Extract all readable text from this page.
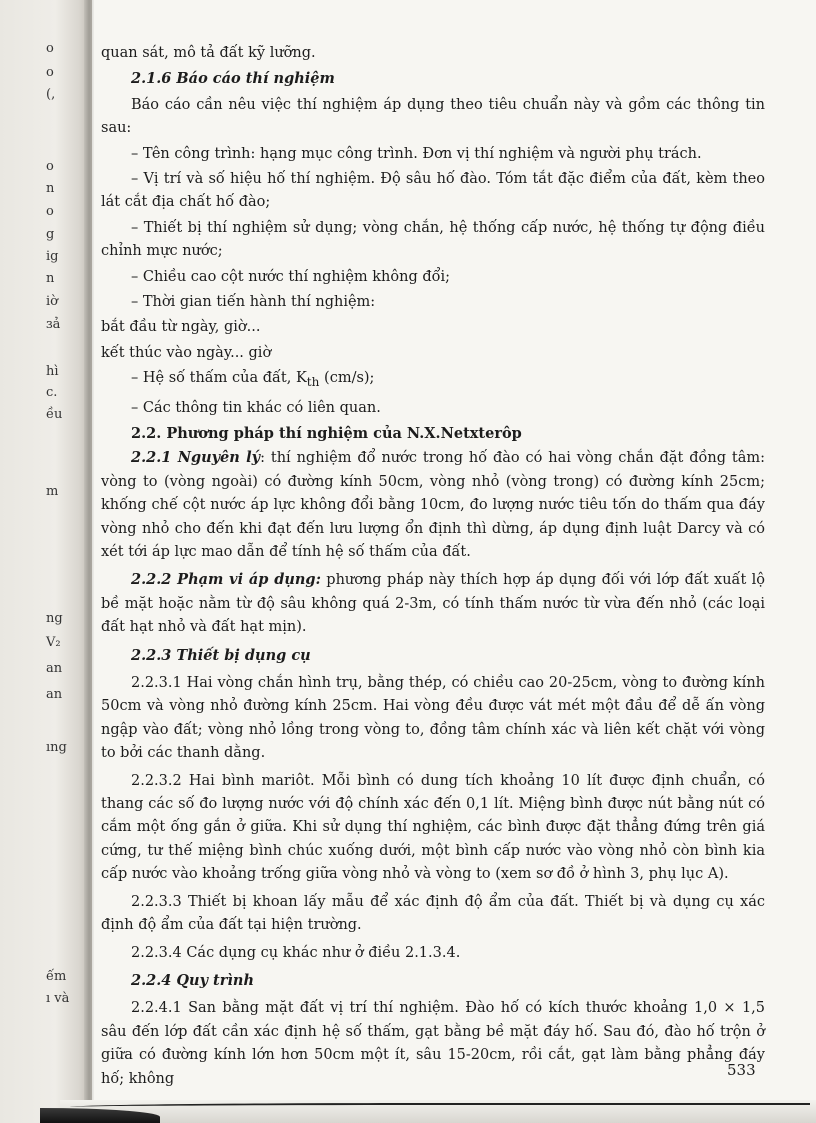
o
o
(,
o
n
o
g
ig
n
iờ
ɜả
hì
c.
ều
m
ng
V₂
an
an
ıng
ếm
ı và

quan sát, mô tả đất kỹ lưỡng.

2.1.6 Báo cáo thí nghiệm

Báo cáo cần nêu việc thí nghiệm áp dụng theo tiêu chuẩn này và gồm các thông tin sau:

– Tên công trình: hạng mục công trình. Đơn vị thí nghiệm và người phụ trách.

– Vị trí và số hiệu hố thí nghiệm. Độ sâu hố đào. Tóm tắt đặc điểm của đất, kèm theo lát cắt địa chất hố đào;

– Thiết bị thí nghiệm sử dụng; vòng chắn, hệ thống cấp nước, hệ thống tự động điều chỉnh mực nước;

– Chiều cao cột nước thí nghiệm không đổi;

– Thời gian tiến hành thí nghiệm:

bắt đầu từ ngày, giờ...

kết thúc vào ngày... giờ

– Hệ số thấm của đất, $K_{th}$ (cm/s);

– Các thông tin khác có liên quan.

2.2. Phương pháp thí nghiệm của N.X.Netxterôp

2.2.1 Nguyên lý: thí nghiệm đổ nước trong hố đào có hai vòng chắn đặt đồng tâm: vòng to (vòng ngoài) có đường kính 50cm, vòng nhỏ (vòng trong) có đường kính 25cm; khống chế cột nước áp lực không đổi bằng 10cm, đo lượng nước tiêu tốn do thấm qua đáy vòng nhỏ cho đến khi đạt đến lưu lượng ổn định thì dừng, áp dụng định luật Darcy và có xét tới áp lực mao dẫn để tính hệ số thấm của đất.

2.2.2 Phạm vi áp dụng: phương pháp này thích hợp áp dụng đối với lớp đất xuất lộ bề mặt hoặc nằm từ độ sâu không quá 2-3m, có tính thấm nước từ vừa đến nhỏ (các loại đất hạt nhỏ và đất hạt mịn).

2.2.3 Thiết bị dụng cụ

2.2.3.1 Hai vòng chắn hình trụ, bằng thép, có chiều cao 20-25cm, vòng to đường kính 50cm và vòng nhỏ đường kính 25cm. Hai vòng đều được vát mét một đầu để dễ ấn vòng ngập vào đất; vòng nhỏ lồng trong vòng to, đồng tâm chính xác và liên kết chặt với vòng to bởi các thanh dằng.

2.2.3.2 Hai bình mariôt. Mỗi bình có dung tích khoảng 10 lít được định chuẩn, có thang các số đo lượng nước với độ chính xác đến 0,1 lít. Miệng bình được nút bằng nút có cắm một ống gắn ở giữa. Khi sử dụng thí nghiệm, các bình được đặt thẳng đứng trên giá cứng, tư thế miệng bình chúc xuống dưới, một bình cấp nước vào vòng nhỏ còn bình kia cấp nước vào khoảng trống giữa vòng nhỏ và vòng to (xem sơ đồ ở hình 3, phụ lục A).

2.2.3.3 Thiết bị khoan lấy mẫu để xác định độ ẩm của đất. Thiết bị và dụng cụ xác định độ ẩm của đất tại hiện trường.

2.2.3.4 Các dụng cụ khác như ở điều 2.1.3.4.

2.2.4 Quy trình

2.2.4.1 San bằng mặt đất vị trí thí nghiệm. Đào hố có kích thước khoảng 1,0 × 1,5 sâu đến lớp đất cần xác định hệ số thấm, gạt bằng bề mặt đáy hố. Sau đó, đào hố trộn ở giữa có đường kính lớn hơn 50cm một ít, sâu 15-20cm, rồi cắt, gạt làm bằng phẳng đáy hố; không	533
